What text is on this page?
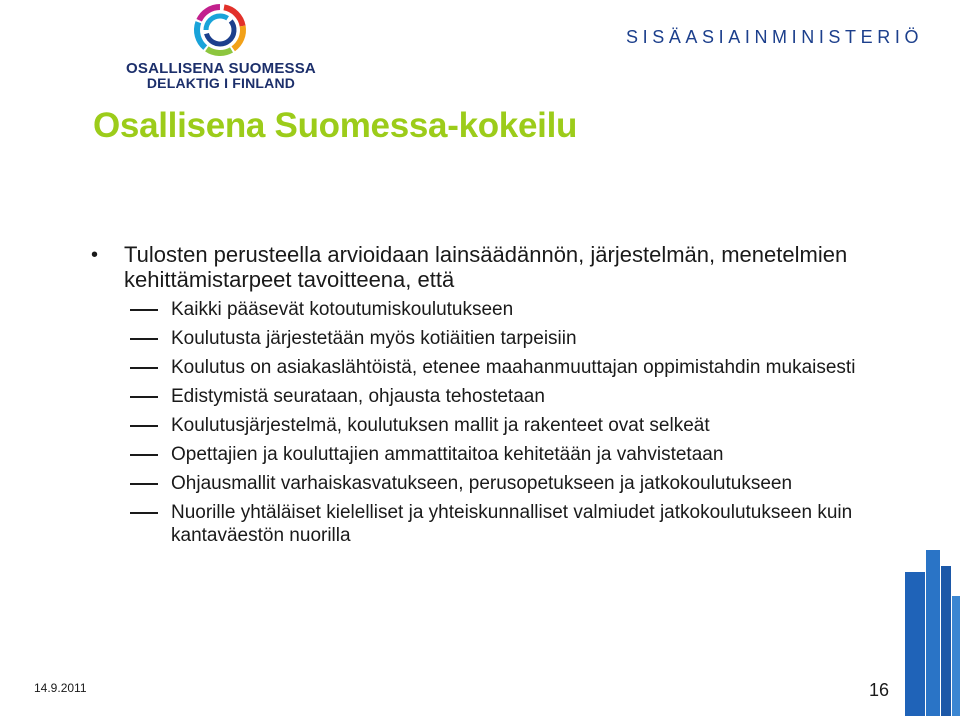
OSALLISENA SUOMESSA
DELAKTIG I FINLAND
SISÄASIAINMINISTERIÖ
Osallisena Suomessa-kokeilu
• Tulosten perusteella arvioidaan lainsäädännön, järjestelmän, menetelmien kehittämistarpeet tavoitteena, että

Kaikki pääsevät kotoutumiskoulutukseen
Koulutusta järjestetään myös kotiäitien tarpeisiin
Koulutus on asiakaslähtöistä, etenee maahanmuuttajan oppimistahdin mukaisesti
Edistymistä seurataan, ohjausta tehostetaan
Koulutusjärjestelmä, koulutuksen mallit ja rakenteet ovat selkeät
Opettajien ja kouluttajien ammattitaitoa kehitetään ja vahvistetaan
Ohjausmallit varhaiskasvatukseen, perusopetukseen ja jatkokoulutukseen
Nuorille yhtäläiset kielelliset ja yhteiskunnalliset valmiudet jatkokoulutukseen kuin kantaväestön nuorilla
14.9.2011	16
